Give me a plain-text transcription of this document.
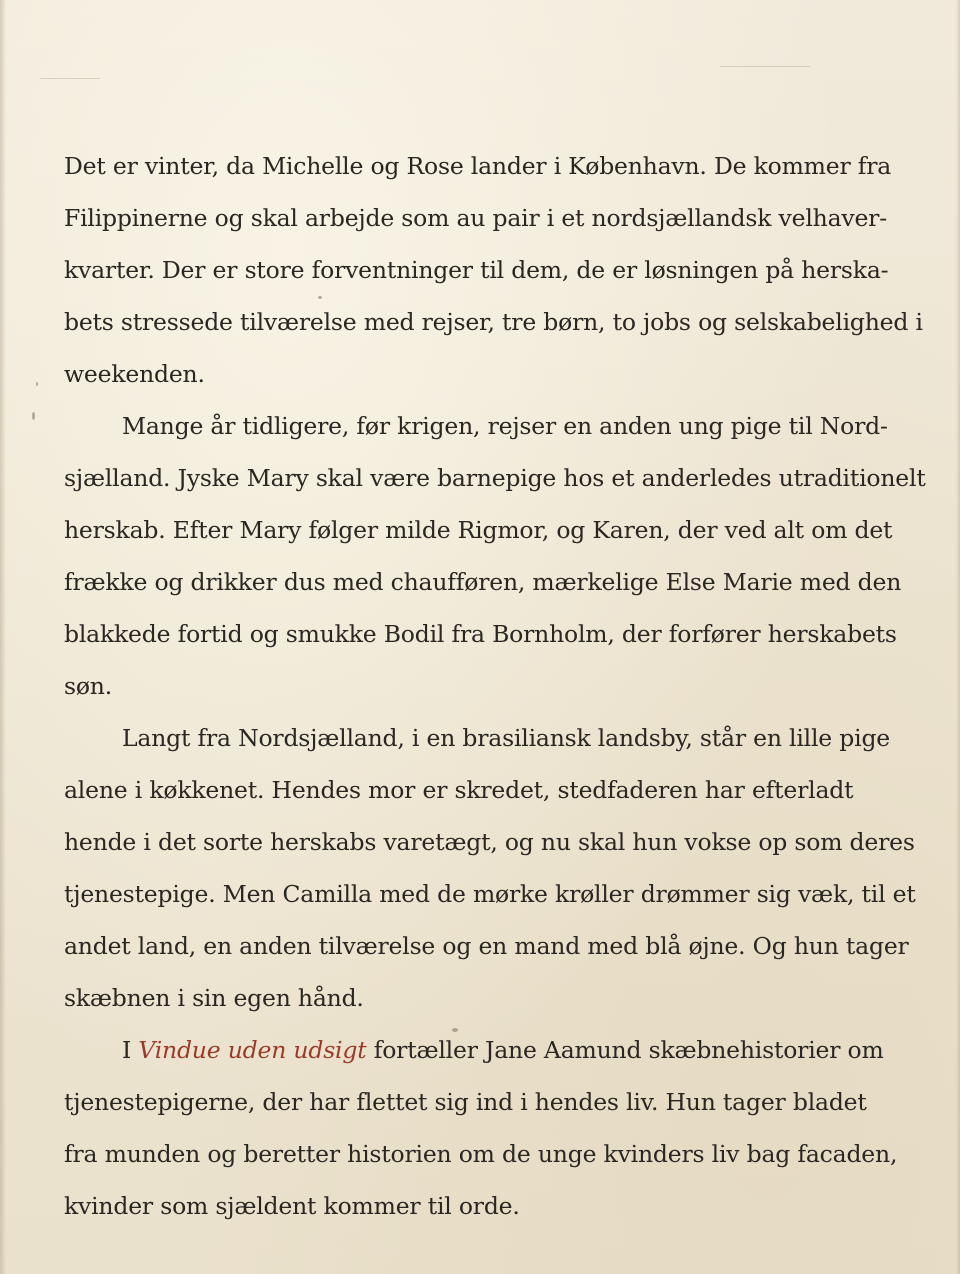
Det er vinter, da Michelle og Rose lander i København. De kommer fra
Filippinerne og skal arbejde som au pair i et nordsjællandsk velhaver-
kvarter. Der er store forventninger til dem, de er løsningen på herska-
bets stressede tilværelse med rejser, tre børn, to jobs og selskabelighed i
weekenden.
Mange år tidligere, før krigen, rejser en anden ung pige til Nord-
sjælland. Jyske Mary skal være barnepige hos et anderledes utraditionelt
herskab. Efter Mary følger milde Rigmor, og Karen, der ved alt om det
frække og drikker dus med chaufføren, mærkelige Else Marie med den
blakkede fortid og smukke Bodil fra Bornholm, der forfører herskabets
søn.
Langt fra Nordsjælland, i en brasiliansk landsby, står en lille pige
alene i køkkenet. Hendes mor er skredet, stedfaderen har efterladt
hende i det sorte herskabs varetægt, og nu skal hun vokse op som deres
tjenestepige. Men Camilla med de mørke krøller drømmer sig væk, til et
andet land, en anden tilværelse og en mand med blå øjne. Og hun tager
skæbnen i sin egen hånd.
I Vindue uden udsigt fortæller Jane Aamund skæbnehistorier om
tjenestepigerne, der har flettet sig ind i hendes liv. Hun tager bladet
fra munden og beretter historien om de unge kvinders liv bag facaden,
kvinder som sjældent kommer til orde.
